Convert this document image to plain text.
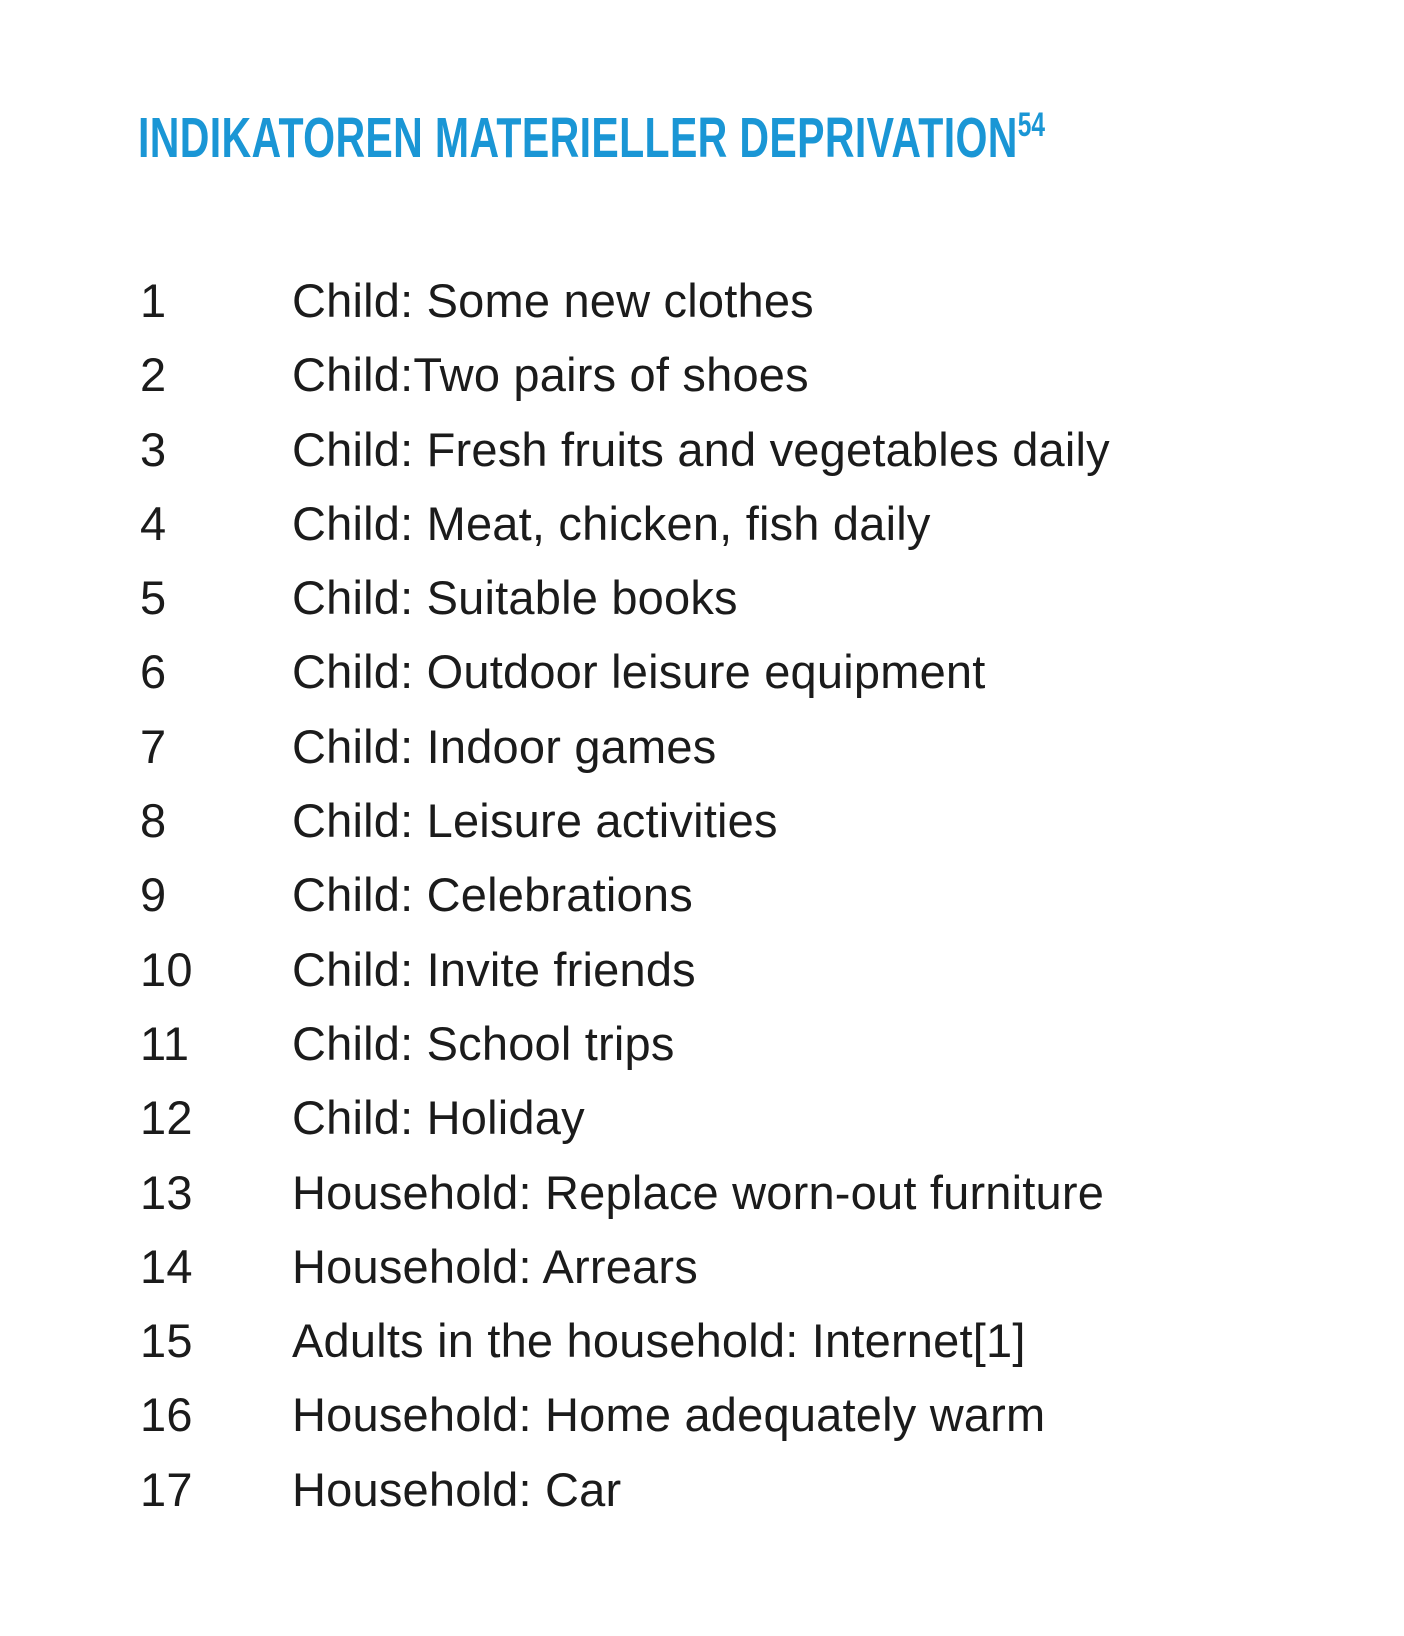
INDIKATOREN MATERIELLER DEPRIVATION$^{54}$
1	Child: Some new clothes
2	Child:Two pairs of shoes
3	Child: Fresh fruits and vegetables daily
4	Child: Meat, chicken, fish daily
5	Child: Suitable books
6	Child: Outdoor leisure equipment
7	Child: Indoor games
8	Child: Leisure activities
9	Child: Celebrations
10	Child: Invite friends
11	Child: School trips
12	Child: Holiday
13	Household: Replace worn-out furniture
14	Household: Arrears
15	Adults in the household: Internet[1]
16	Household: Home adequately warm
17	Household: Car
